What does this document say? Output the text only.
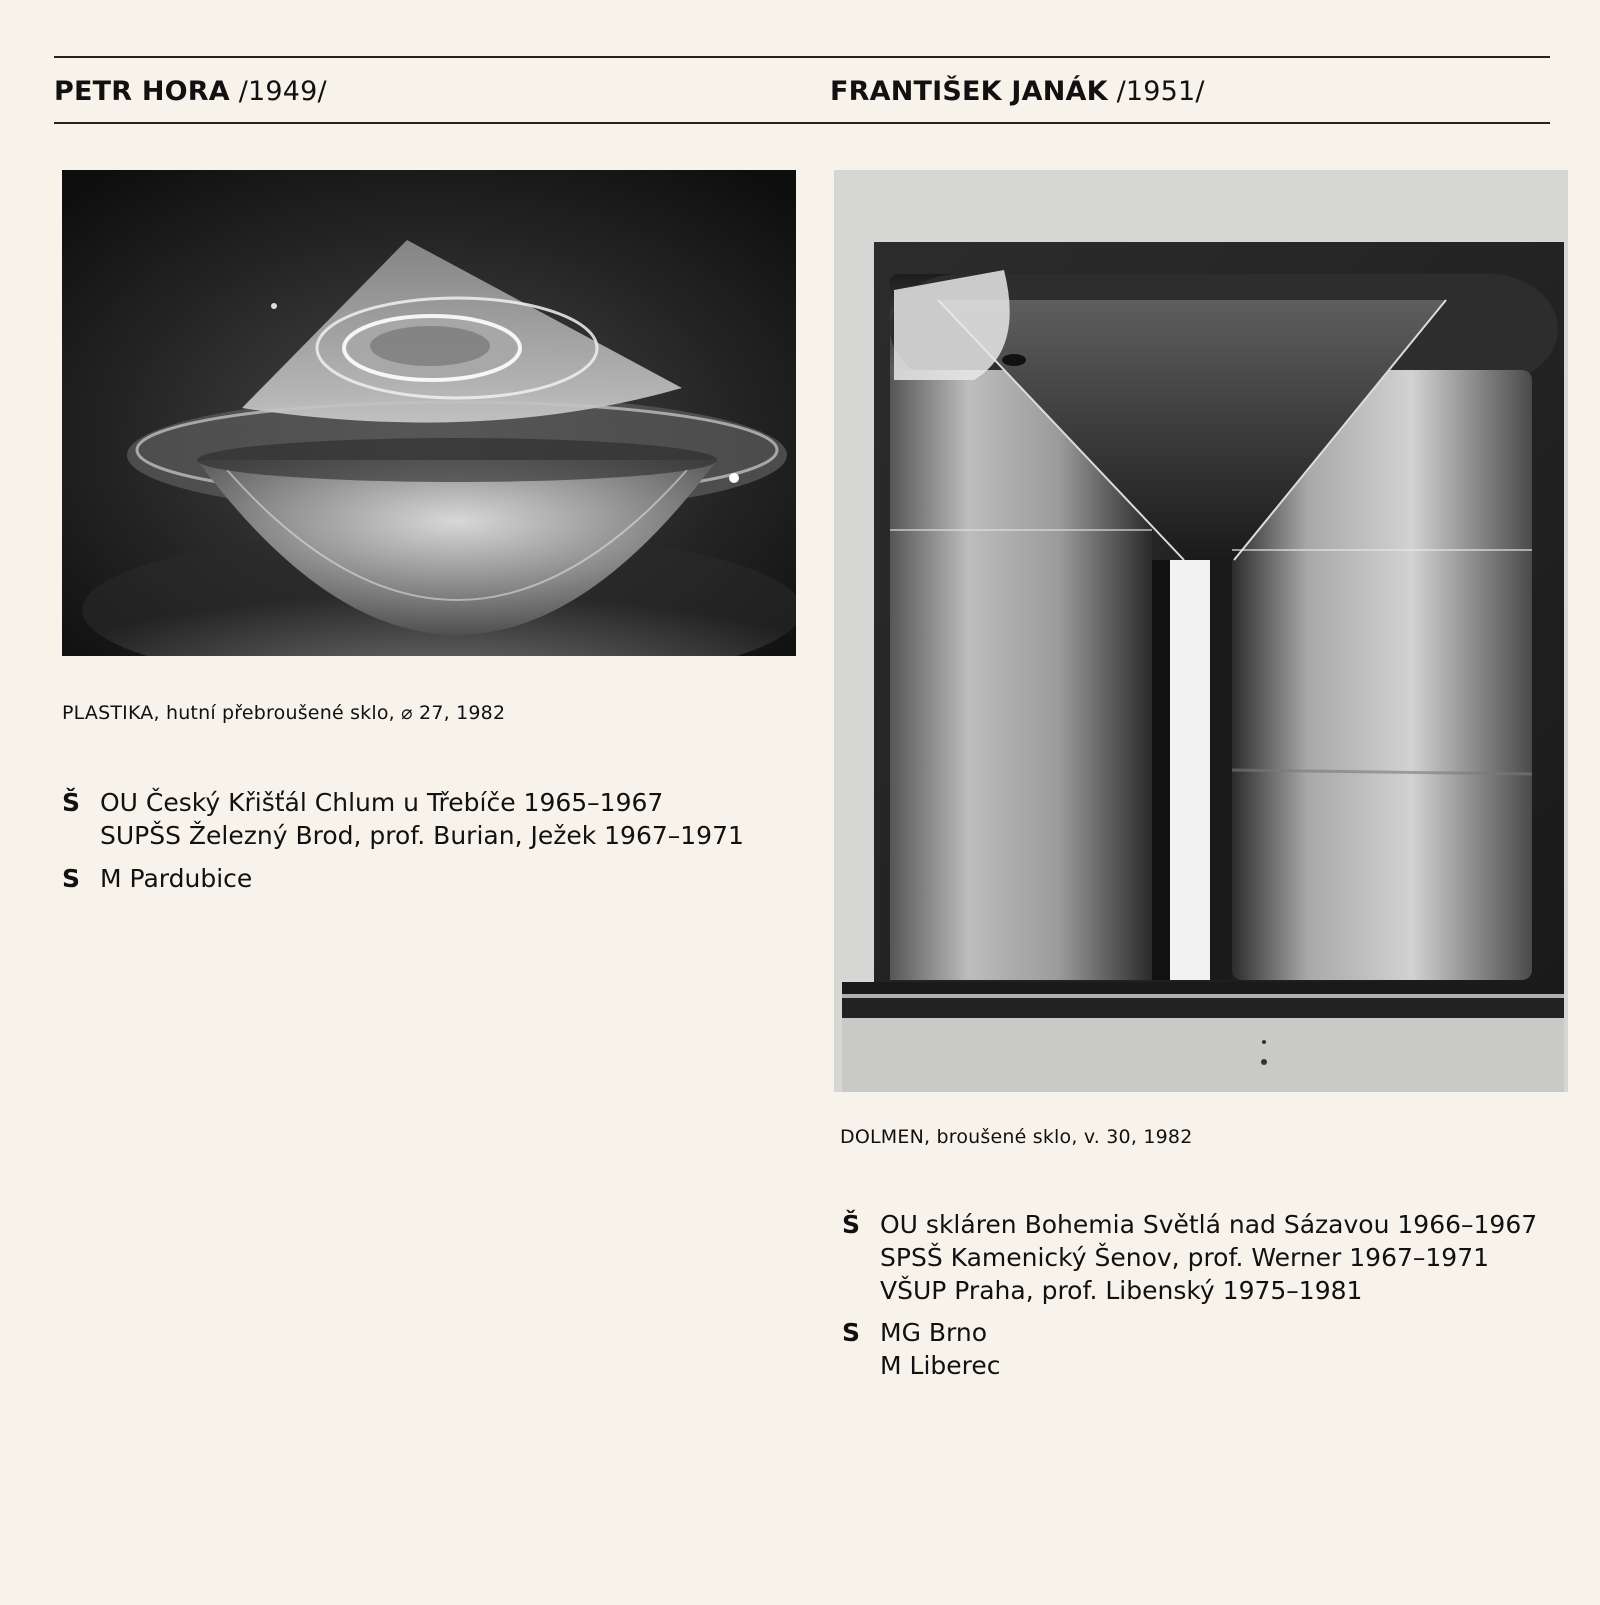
PETR HORA /1949/	FRANTIŠEK JANÁK /1951/
PLASTIKA, hutní přebroušené sklo, ⌀ 27, 1982
DOLMEN, broušené sklo, v. 30, 1982
Š OU Český Křišťál Chlum u Třebíče 1965–1967
SUPŠS Železný Brod, prof. Burian, Ježek 1967–1971
S M Pardubice
Š OU skláren Bohemia Světlá nad Sázavou 1966–1967
SPSŠ Kamenický Šenov, prof. Werner 1967–1971
VŠUP Praha, prof. Libenský 1975–1981
S MG Brno
M Liberec
